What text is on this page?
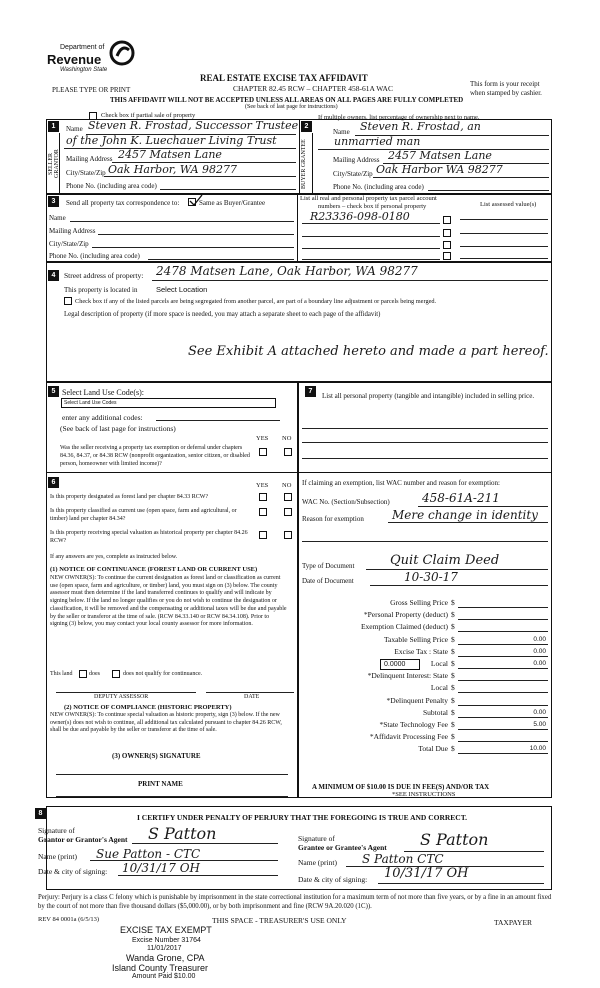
Department of
Revenue
Washington State
PLEASE TYPE OR PRINT
REAL ESTATE EXCISE TAX AFFIDAVIT
CHAPTER 82.45 RCW – CHAPTER 458-61A WAC	This form is your receipt
when stamped by cashier.
THIS AFFIDAVIT WILL NOT BE ACCEPTED UNLESS ALL AREAS ON ALL PAGES ARE FULLY COMPLETED
(See back of last page for instructions)
Check box if partial sale of property	If multiple owners, list percentage of ownership next to name.
1
SELLER GRANTOR
Name Steven R. Frostad, Successor Trustee
of the John K. Luechauer Living Trust
Mailing Address 2457 Matsen Lane
City/State/Zip Oak Harbor, WA 98277
Phone No. (including area code)
2
BUYER GRANTEE
Name Steven R. Frostad, an
unmarried man
Mailing Address 2457 Matsen Lane
City/State/Zip Oak Harbor WA 98277
Phone No. (including area code)
3	Send all property tax correspondence to:	Same as Buyer/Grantee
Name
Mailing Address
City/State/Zip
Phone No. (including area code)
List all real and personal property tax parcel account
numbers – check box if personal property	List assessed value(s)
R23336-098-0180
4	Street address of property: 2478 Matsen Lane, Oak Harbor, WA 98277
This property is located in Select Location
Check box if any of the listed parcels are being segregated from another parcel, are part of a boundary line adjustment or parcels being merged.
Legal description of property (if more space is needed, you may attach a separate sheet to each page of the affidavit)
See Exhibit A attached hereto and made a part hereof.
5 Select Land Use Code(s):
Select Land Use Codes
enter any additional codes:
(See back of last page for instructions)
YES NO
Was the seller receiving a property tax exemption or deferral under chapters 84.36, 84.37, or 84.38 RCW (nonprofit organization, senior citizen, or disabled person, homeowner with limited income)?
6	YES NO
Is this property designated as forest land per chapter 84.33 RCW?
Is this property classified as current use (open space, farm and agricultural, or timber) land per chapter 84.34?
Is this property receiving special valuation as historical property per chapter 84.26 RCW?
If any answers are yes, complete as instructed below.
(1) NOTICE OF CONTINUANCE (FOREST LAND OR CURRENT USE)
NEW OWNER(S): To continue the current designation as forest land or classification as current use (open space, farm and agriculture, or timber) land, you must sign on (3) below. The county assessor must then determine if the land transferred continues to qualify and will indicate by signing below. If the land no longer qualifies or you do not wish to continue the designation or classification, it will be removed and the compensating or additional taxes will be due and payable by the seller or transferor at the time of sale. (RCW 84.33.140 or RCW 84.34.108). Prior to signing (3) below, you may contact your local county assessor for more information.
This land	does	does not qualify for continuance.
DEPUTY ASSESSOR	DATE
(2) NOTICE OF COMPLIANCE (HISTORIC PROPERTY)
NEW OWNER(S): To continue special valuation as historic property, sign (3) below. If the new owner(s) does not wish to continue, all additional tax calculated pursuant to chapter 84.26 RCW, shall be due and payable by the seller or transferor at the time of sale.
(3) OWNER(S) SIGNATURE
PRINT NAME
7
List all personal property (tangible and intangible) included in selling price.
If claiming an exemption, list WAC number and reason for exemption:
WAC No. (Section/Subsection)	458-61A-211
Reason for exemption Mere change in identity
Type of Document	Quit Claim Deed
Date of Document	10-30-17
Gross Selling Price $
*Personal Property (deduct) $
Exemption Claimed (deduct) $
Taxable Selling Price $	0.00
Excise Tax : State $	0.00
Local $	0.00
*Delinquent Interest: State $
Local $
*Delinquent Penalty $
Subtotal $	0.00
*State Technology Fee $	5.00
*Affidavit Processing Fee $
Total Due $	10.00
0.0000
A MINIMUM OF $10.00 IS DUE IN FEE(S) AND/OR TAX
*SEE INSTRUCTIONS
8	I CERTIFY UNDER PENALTY OF PERJURY THAT THE FOREGOING IS TRUE AND CORRECT.
Signature of
Grantor or Grantor's Agent S Patton
Name (print) Sue Patton - CTC
Date & city of signing: 10/31/17 OH
Signature of
Grantee or Grantee's Agent S Patton
Name (print) S Patton CTC
Date & city of signing: 10/31/17 OH
Perjury: Perjury is a class C felony which is punishable by imprisonment in the state correctional institution for a maximum term of not more than five years, or by a fine in an amount fixed by the court of not more than five thousand dollars ($5,000.00), or by both imprisonment and fine (RCW 9A.20.020 (1C)).
REV 84 0001a (6/5/13)	THIS SPACE - TREASURER'S USE ONLY	TAXPAYER
EXCISE TAX EXEMPT
Excise Number 31764
11/01/2017
Wanda Grone, CPA
Island County Treasurer
Amount Paid $10.00
